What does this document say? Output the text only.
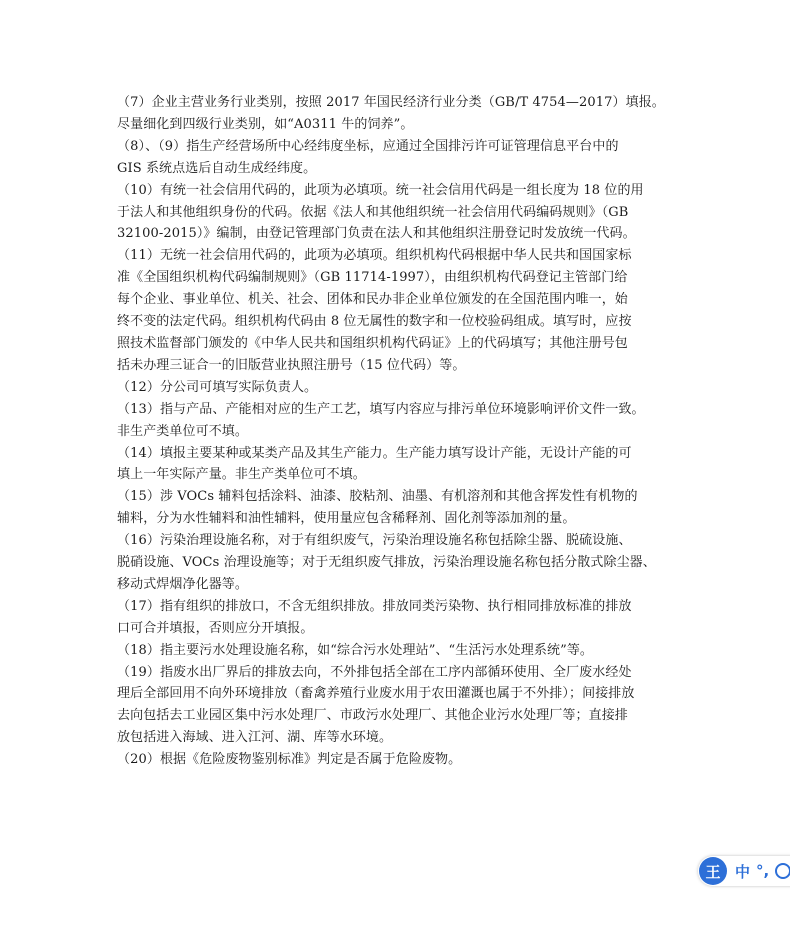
（7）企业主营业务行业类别，按照 2017 年国民经济行业分类（GB/T 4754—2017）填报。

尽量细化到四级行业类别，如“A0311 牛的饲养”。

（8）、（9）指生产经营场所中心经纬度坐标，应通过全国排污许可证管理信息平台中的

GIS 系统点选后自动生成经纬度。

（10）有统一社会信用代码的，此项为必填项。统一社会信用代码是一组长度为 18 位的用

于法人和其他组织身份的代码。依据《法人和其他组织统一社会信用代码编码规则》（GB

32100-2015）》编制，由登记管理部门负责在法人和其他组织注册登记时发放统一代码。

（11）无统一社会信用代码的，此项为必填项。组织机构代码根据中华人民共和国国家标

准《全国组织机构代码编制规则》（GB 11714-1997），由组织机构代码登记主管部门给

每个企业、事业单位、机关、社会、团体和民办非企业单位颁发的在全国范围内唯一，始

终不变的法定代码。组织机构代码由 8 位无属性的数字和一位校验码组成。填写时，应按

照技术监督部门颁发的《中华人民共和国组织机构代码证》上的代码填写；其他注册号包

括未办理三证合一的旧版营业执照注册号（15 位代码）等。

（12）分公司可填写实际负责人。

（13）指与产品、产能相对应的生产工艺，填写内容应与排污单位环境影响评价文件一致。

非生产类单位可不填。

（14）填报主要某种或某类产品及其生产能力。生产能力填写设计产能，无设计产能的可

填上一年实际产量。非生产类单位可不填。

（15）涉 VOCs 辅料包括涂料、油漆、胶粘剂、油墨、有机溶剂和其他含挥发性有机物的

辅料，分为水性辅料和油性辅料，使用量应包含稀释剂、固化剂等添加剂的量。

（16）污染治理设施名称，对于有组织废气，污染治理设施名称包括除尘器、脱硫设施、

脱硝设施、VOCs 治理设施等；对于无组织废气排放，污染治理设施名称包括分散式除尘器、

移动式焊烟净化器等。

（17）指有组织的排放口，不含无组织排放。排放同类污染物、执行相同排放标准的排放

口可合并填报，否则应分开填报。

（18）指主要污水处理设施名称，如“综合污水处理站”、“生活污水处理系统”等。

（19）指废水出厂界后的排放去向，不外排包括全部在工序内部循环使用、全厂废水经处

理后全部回用不向外环境排放（畜禽养殖行业废水用于农田灌溉也属于不外排）；间接排放

去向包括去工业园区集中污水处理厂、市政污水处理厂、其他企业污水处理厂等；直接排

放包括进入海域、进入江河、湖、库等水环境。

（20）根据《危险废物鉴别标准》判定是否属于危险废物。

王 中 °,
